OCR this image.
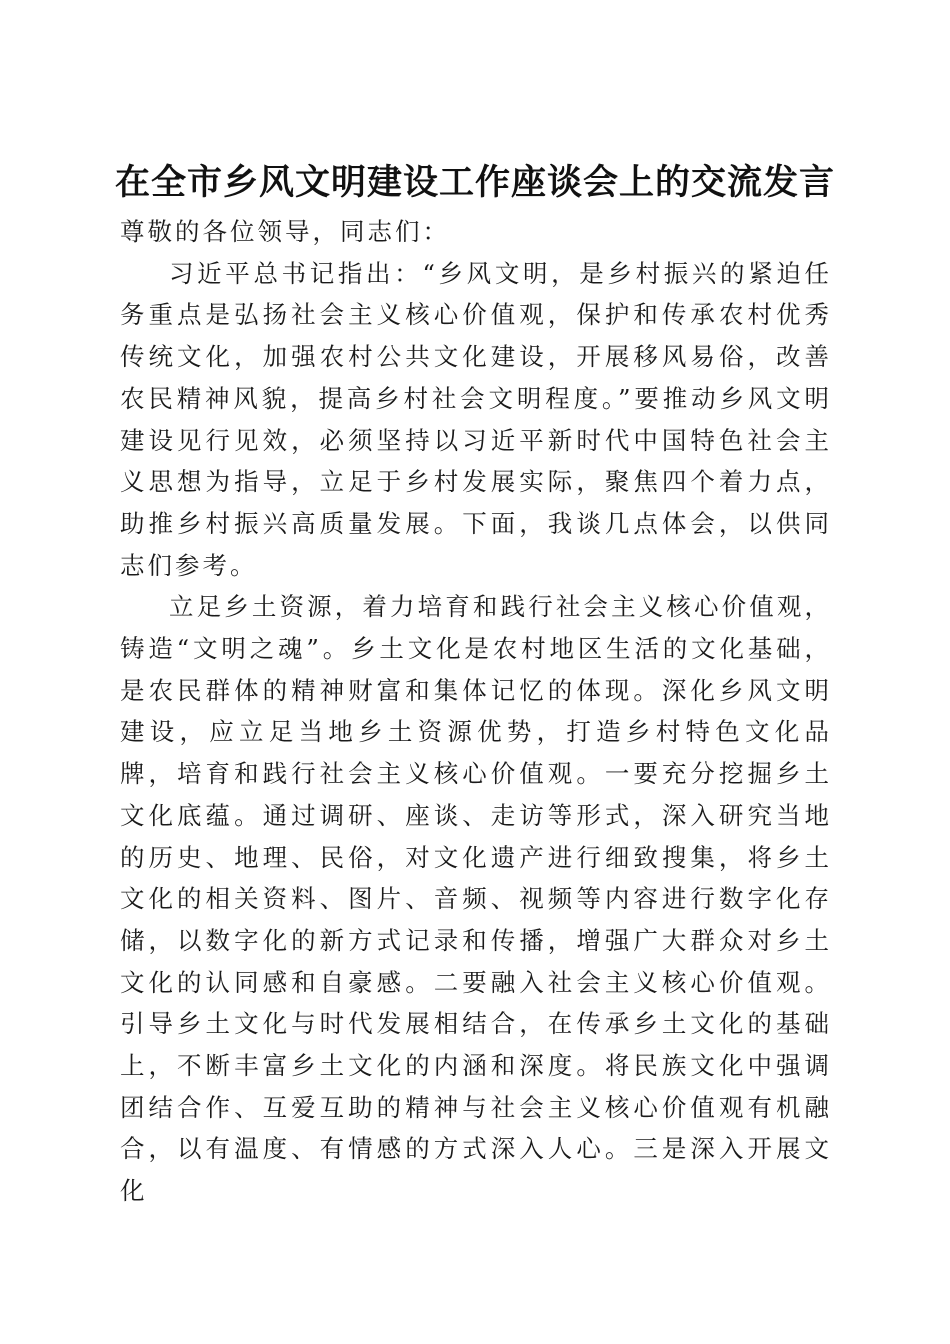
在全市乡风文明建设工作座谈会上的交流发言

尊敬的各位领导，同志们：

习近平总书记指出：“乡风文明，是乡村振兴的紧迫任务重点是弘扬社会主义核心价值观，保护和传承农村优秀传统文化，加强农村公共文化建设，开展移风易俗，改善农民精神风貌，提高乡村社会文明程度。”要推动乡风文明建设见行见效，必须坚持以习近平新时代中国特色社会主义思想为指导，立足于乡村发展实际，聚焦四个着力点，助推乡村振兴高质量发展。下面，我谈几点体会，以供同志们参考。

立足乡土资源，着力培育和践行社会主义核心价值观，铸造“文明之魂”。乡土文化是农村地区生活的文化基础，是农民群体的精神财富和集体记忆的体现。深化乡风文明建设，应立足当地乡土资源优势，打造乡村特色文化品牌，培育和践行社会主义核心价值观。一要充分挖掘乡土文化底蕴。通过调研、座谈、走访等形式，深入研究当地的历史、地理、民俗，对文化遗产进行细致搜集，将乡土文化的相关资料、图片、音频、视频等内容进行数字化存储，以数字化的新方式记录和传播，增强广大群众对乡土文化的认同感和自豪感。二要融入社会主义核心价值观。引导乡土文化与时代发展相结合，在传承乡土文化的基础上，不断丰富乡土文化的内涵和深度。将民族文化中强调团结合作、互爱互助的精神与社会主义核心价值观有机融合，以有温度、有情感的方式深入人心。三是深入开展文化
